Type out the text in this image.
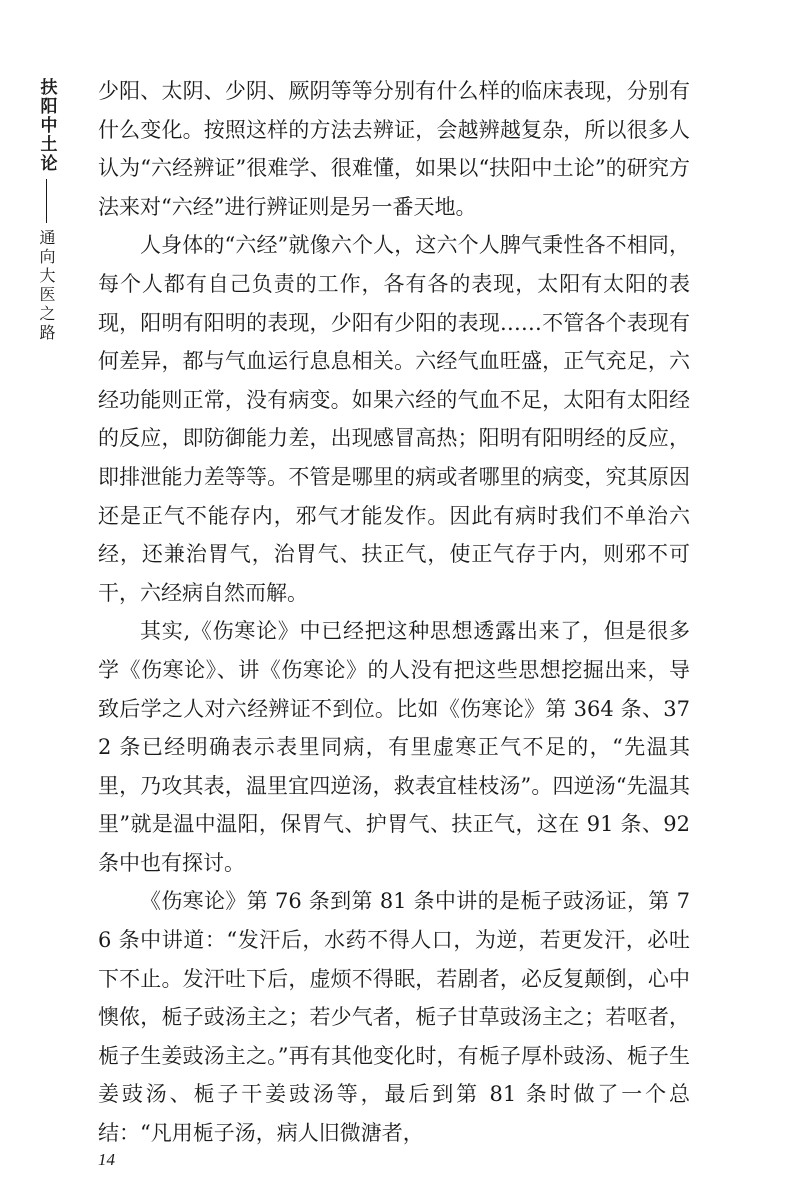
扶阳中土论
通向大医之路

少阳、太阴、少阴、厥阴等等分别有什么样的临床表现，分别有什么变化。按照这样的方法去辨证，会越辨越复杂，所以很多人认为“六经辨证”很难学、很难懂，如果以“扶阳中土论”的研究方法来对“六经”进行辨证则是另一番天地。

人身体的“六经”就像六个人，这六个人脾气秉性各不相同，每个人都有自己负责的工作，各有各的表现，太阳有太阳的表现，阳明有阳明的表现，少阳有少阳的表现……不管各个表现有何差异，都与气血运行息息相关。六经气血旺盛，正气充足，六经功能则正常，没有病变。如果六经的气血不足，太阳有太阳经的反应，即防御能力差，出现感冒高热；阳明有阳明经的反应，即排泄能力差等等。不管是哪里的病或者哪里的病变，究其原因还是正气不能存内，邪气才能发作。因此有病时我们不单治六经，还兼治胃气，治胃气、扶正气，使正气存于内，则邪不可干，六经病自然而解。

其实,《伤寒论》中已经把这种思想透露出来了，但是很多学《伤寒论》、讲《伤寒论》的人没有把这些思想挖掘出来，导致后学之人对六经辨证不到位。比如《伤寒论》第 364 条、372 条已经明确表示表里同病，有里虚寒正气不足的，“先温其里，乃攻其表，温里宜四逆汤，救表宜桂枝汤”。四逆汤“先温其里”就是温中温阳，保胃气、护胃气、扶正气，这在 91 条、92 条中也有探讨。

《伤寒论》第 76 条到第 81 条中讲的是栀子豉汤证，第 76 条中讲道：“发汗后，水药不得人口，为逆，若更发汗，必吐下不止。发汗吐下后，虚烦不得眠，若剧者，必反复颠倒，心中懊侬，栀子豉汤主之；若少气者，栀子甘草豉汤主之；若呕者，栀子生姜豉汤主之。”再有其他变化时，有栀子厚朴豉汤、栀子生姜豉汤、栀子干姜豉汤等，最后到第 81 条时做了一个总结：“凡用栀子汤，病人旧微溏者，

14
